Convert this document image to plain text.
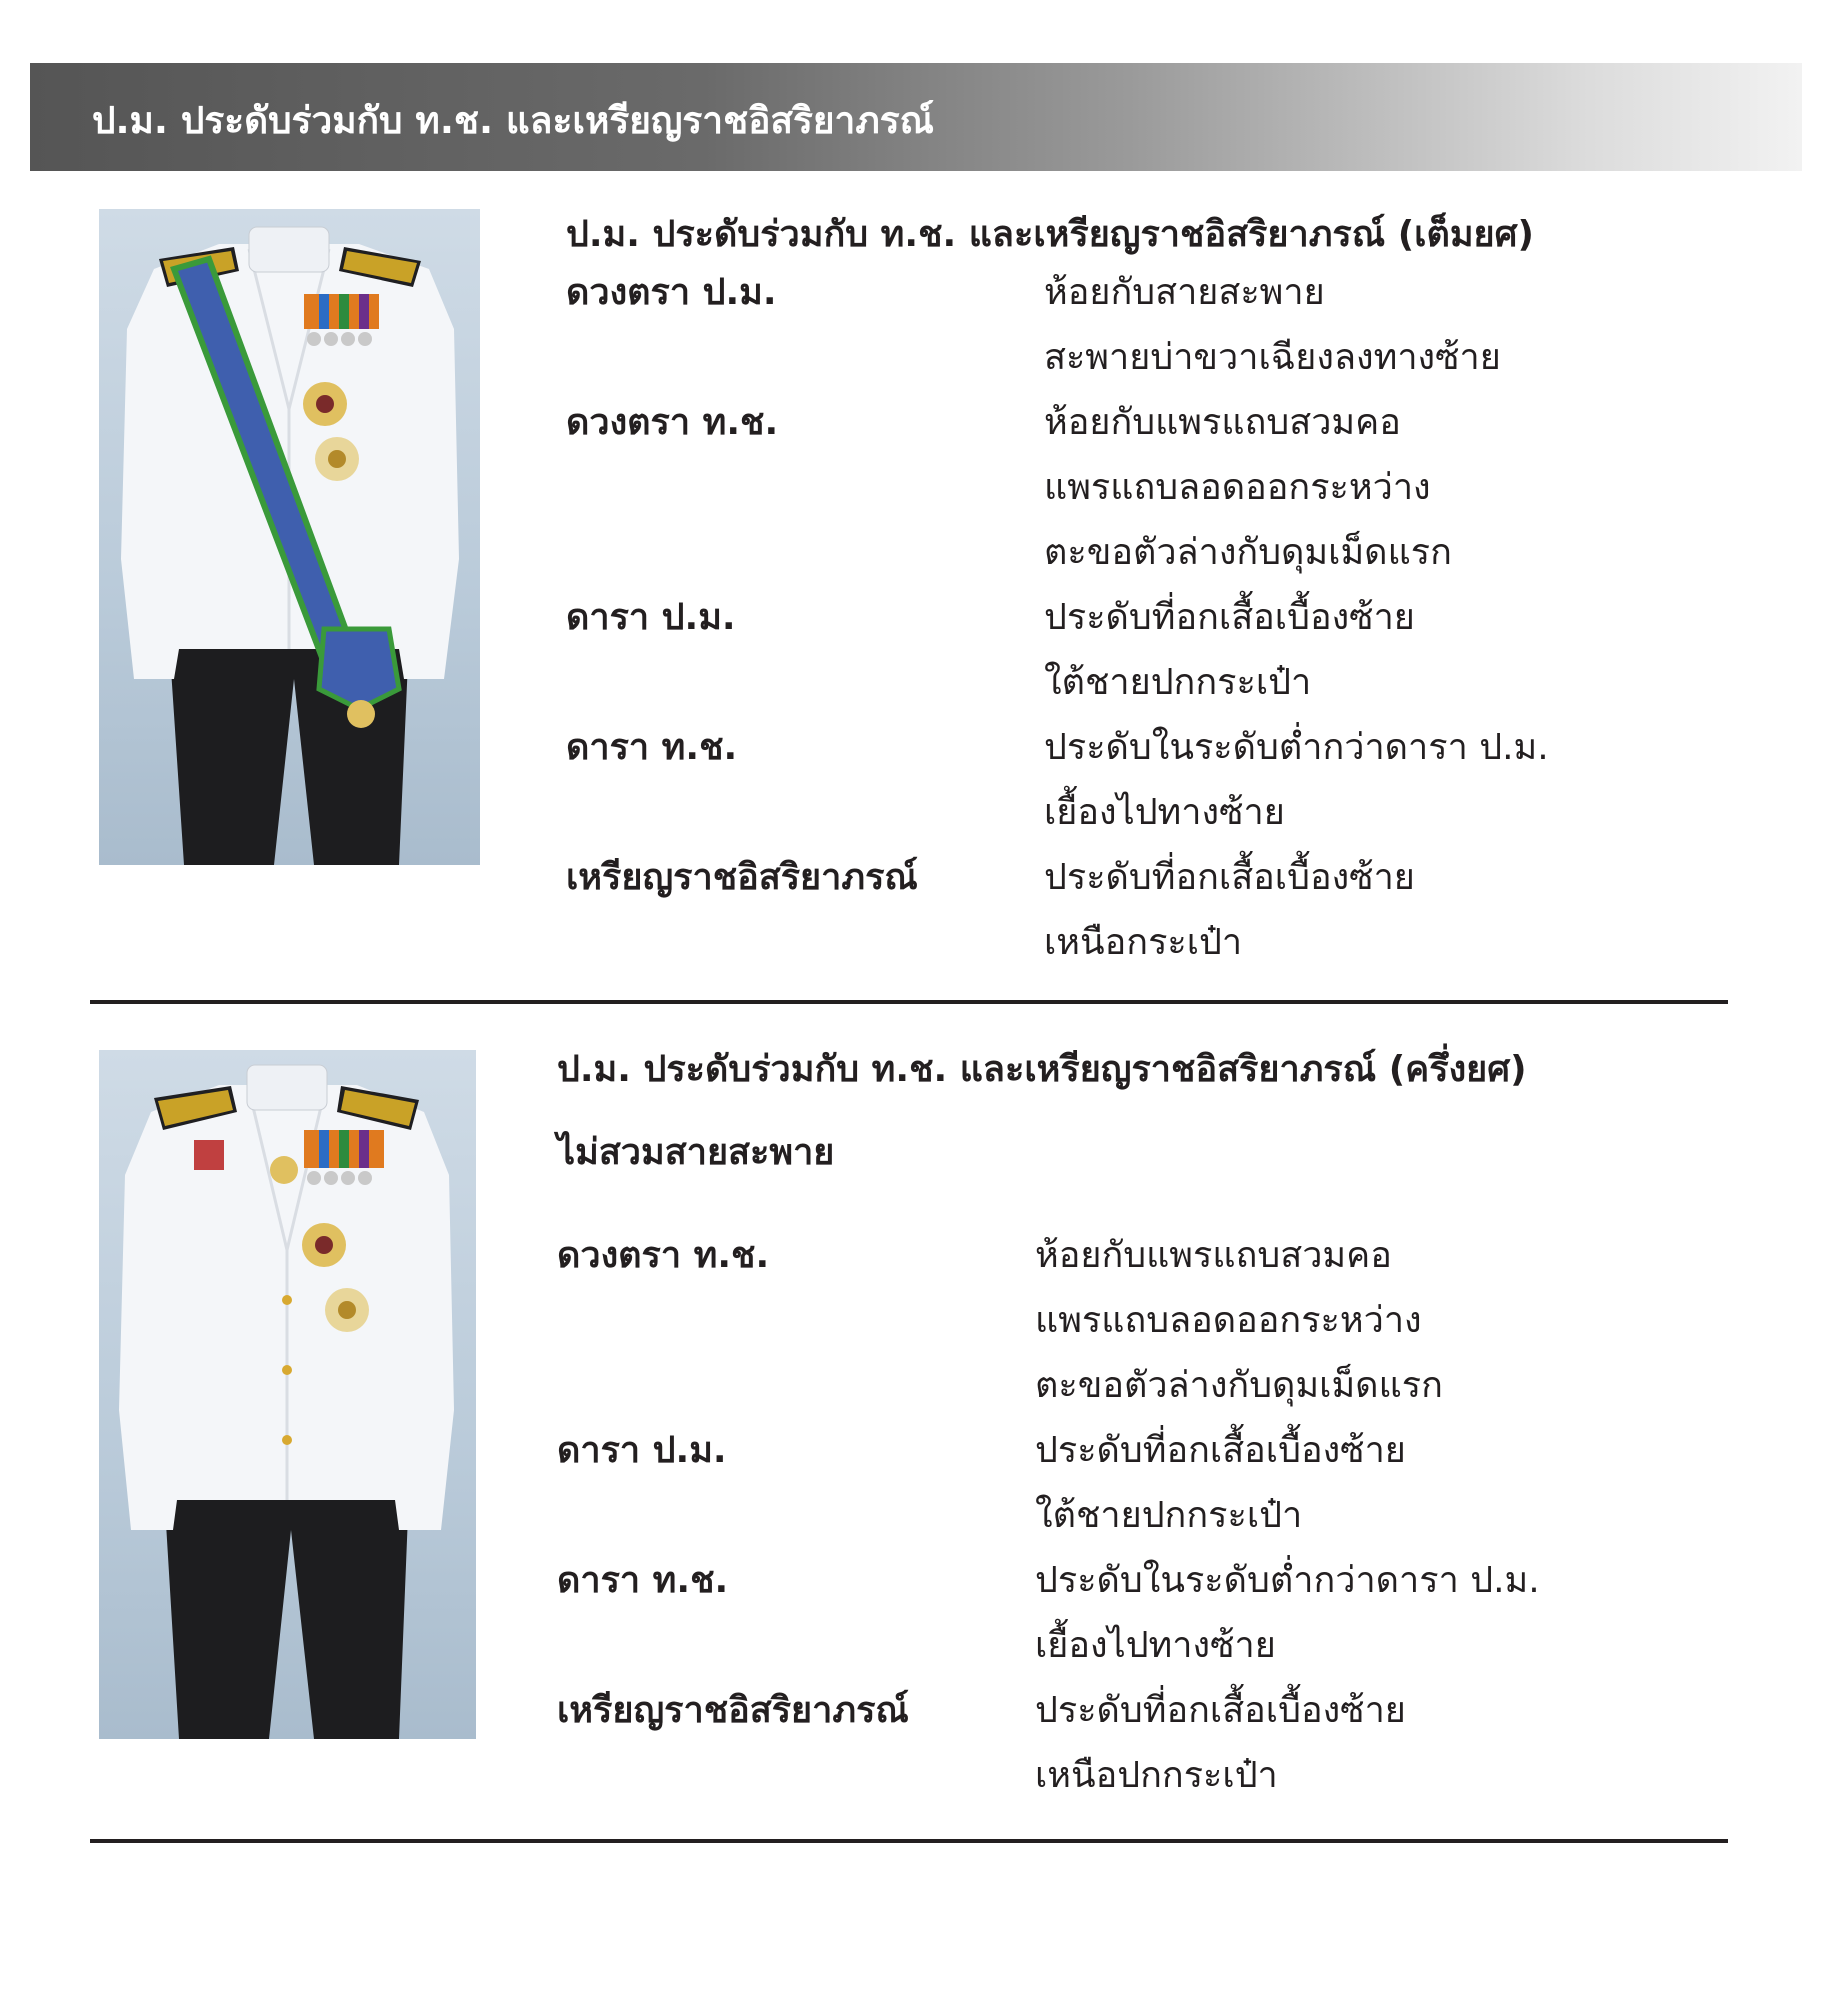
ป.ม. ประดับร่วมกับ ท.ช. และเหรียญราชอิสริยาภรณ์
ป.ม. ประดับร่วมกับ ท.ช. และเหรียญราชอิสริยาภรณ์ (เต็มยศ)
ดวงตรา ป.ม.	ห้อยกับสายสะพาย
สะพายบ่าขวาเฉียงลงทางซ้าย
ดวงตรา ท.ช.	ห้อยกับแพรแถบสวมคอ
แพรแถบลอดออกระหว่าง
ตะขอตัวล่างกับดุมเม็ดแรก
ดารา ป.ม.	ประดับที่อกเสื้อเบื้องซ้าย
ใต้ชายปกกระเป๋า
ดารา ท.ช.	ประดับในระดับต่ำกว่าดารา ป.ม.
เยื้องไปทางซ้าย
เหรียญราชอิสริยาภรณ์	ประดับที่อกเสื้อเบื้องซ้าย
เหนือกระเป๋า
ป.ม. ประดับร่วมกับ ท.ช. และเหรียญราชอิสริยาภรณ์ (ครึ่งยศ)
ไม่สวมสายสะพาย
ดวงตรา ท.ช.	ห้อยกับแพรแถบสวมคอ
แพรแถบลอดออกระหว่าง
ตะขอตัวล่างกับดุมเม็ดแรก
ดารา ป.ม.	ประดับที่อกเสื้อเบื้องซ้าย
ใต้ชายปกกระเป๋า
ดารา ท.ช.	ประดับในระดับต่ำกว่าดารา ป.ม.
เยื้องไปทางซ้าย
เหรียญราชอิสริยาภรณ์	ประดับที่อกเสื้อเบื้องซ้าย
เหนือปกกระเป๋า
